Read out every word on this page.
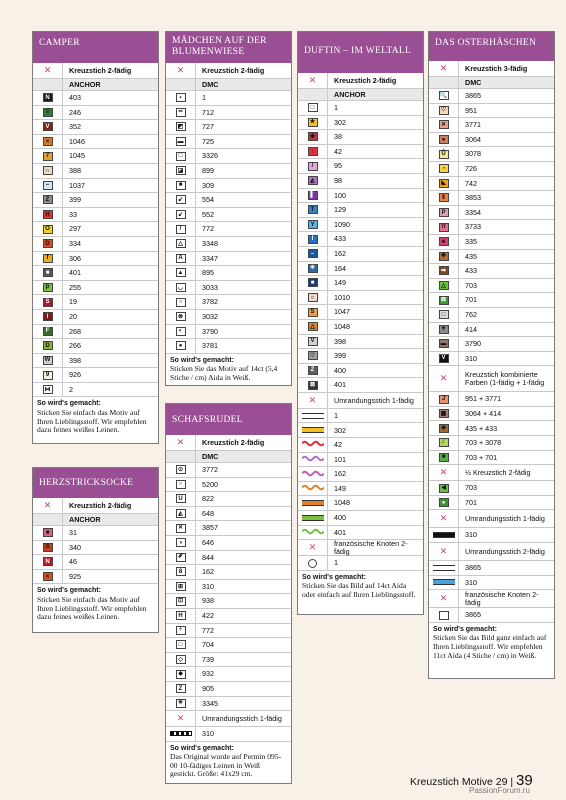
CAMPER
✕	Kreuzstich 2-fädig
ANCHOR
N	403
≡	246
V	352
×	1046
7	1045
∩	388
–	1037
Z	399
H	33
O	297
D	334
T	306
■	401
P	255
S	19
I	20
F	268
D	266
W	398
9	926
⋈	2
So wird's gemacht:
Sticken Sie einfach das Motiv auf Ihren Lieblingsstoff. Wir empfehlen dazu feines weißes Leinen.
HERZSTRICKSOCKE
✕	Kreuzstich 2-fädig
ANCHOR
■	31
S	340
N	46
×	925
So wird's gemacht:
Sticken Sie einfach das Motiv auf Ihren Lieblingsstoff. Wir empfehlen dazu feines weißes Leinen.
MÄDCHEN AUF DER BLUMENWIESE
✕	Kreuzstich 2-fädig
DMC
▪	1
━	712
◩	727
▬	725
□	3326
◪	899
■	309
↙	554
↙	552
/	772
△	3348
A	3347
▲	895
◡	3033
○	3782
⊗	3032
◐	3790
●	3781
So wird's gemacht:
Sticken Sie das Motiv auf 14ct (5,4 Stiche / cm) Aida in Weiß.
SCHAFSRUDEL
✕	Kreuzstich 2-fädig
DMC
⊙	3772
○	5200
U	822
◭	648
✕	3857
◑	646
✐	844
8	162
⊞	310
⊡	938
H	422
÷	772
□	704
◇	739
◆	932
Z	905
✳	3345
✕	Umrandungsstich 1-fädig
310
So wird's gemacht:
Das Original wurde auf Permin 095-00 10-fädiges Leinen in Weiß gestickt. Größe: 41x29 cm.
DUFTIN – IM WELTALL
✕	Kreuzstich 2-fädig
ANCHOR
□	1
★	302
✚	38
↑	42
/	95
◭	98
▌	100
T	129
Y	1090
I	433
–	162
✳	164
■	149
○	1010
S	1047
△	1048
V	398
♡	399
Z	400
⊠	401
✕	Umrandungsstich 1-fädig
1
302
42
101
162
149
1048
400
401
✕	französische Knoten 2-fädig
1
So wird's gemacht:
Sticken Sie das Bild auf 14ct Aida oder einfach auf Ihren Lieblingsstoff.
DAS OSTERHÄSCHEN
✕	Kreuzstich 3-fädig
DMC
🔍	3865
♡	951
✕	3771
●	3064
Ů	3078
◔	726
◣	742
Ⅱ	3853
P	3354
π	3733
♣	335
✚	435
➡	433
△	703
⊠	701
□	762
▼	414
▬	3790
V	310
✕	Kreuzstich kombinierte Farben (1-fädig + 1-fädig
J	951 + 3771
▦	3064 + 414
◈	435 + 433
┘	703 + 3078
■	703 + 701
✕	½ Kreuzstich 2-fädig
◀	703
●	701
✕	Umrandungsstich 1-fädig
310
✕	Umrandungsstich 2-fädig
3865
310
✕	französische Knoten 2-fädig
3865
So wird's gemacht:
Sticken Sie das Bild ganz einfach auf Ihren Lieblingsstoff. Wir empfehlen 11ct Aida (4 Stiche / cm) in Weiß.
Kreuzstich Motive 29 | 39
PassionForum.ru
